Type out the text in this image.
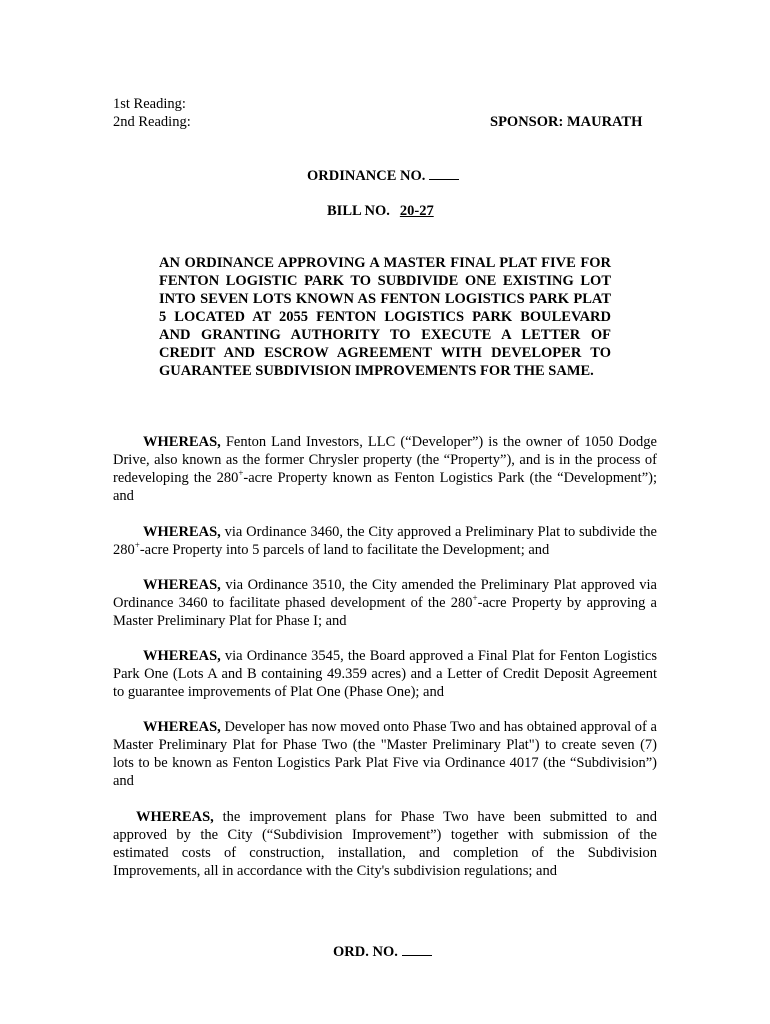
1st Reading:
2nd Reading:	SPONSOR: MAURATH
ORDINANCE NO.
BILL NO. 20-27
AN ORDINANCE APPROVING A MASTER FINAL PLAT FIVE FOR FENTON LOGISTIC PARK TO SUBDIVIDE ONE EXISTING LOT INTO SEVEN LOTS KNOWN AS FENTON LOGISTICS PARK PLAT 5 LOCATED AT 2055 FENTON LOGISTICS PARK BOULEVARD AND GRANTING AUTHORITY TO EXECUTE A LETTER OF CREDIT AND ESCROW AGREEMENT WITH DEVELOPER TO GUARANTEE SUBDIVISION IMPROVEMENTS FOR THE SAME.

WHEREAS, Fenton Land Investors, LLC (“Developer”) is the owner of 1050 Dodge Drive, also known as the former Chrysler property (the “Property”), and is in the process of redeveloping the 280+-acre Property known as Fenton Logistics Park (the “Development”); and

WHEREAS, via Ordinance 3460, the City approved a Preliminary Plat to subdivide the 280+-acre Property into 5 parcels of land to facilitate the Development; and

WHEREAS, via Ordinance 3510, the City amended the Preliminary Plat approved via Ordinance 3460 to facilitate phased development of the 280+-acre Property by approving a Master Preliminary Plat for Phase I; and

WHEREAS, via Ordinance 3545, the Board approved a Final Plat for Fenton Logistics Park One (Lots A and B containing 49.359 acres) and a Letter of Credit Deposit Agreement to guarantee improvements of Plat One (Phase One); and

WHEREAS, Developer has now moved onto Phase Two and has obtained approval of a Master Preliminary Plat for Phase Two (the "Master Preliminary Plat") to create seven (7) lots to be known as Fenton Logistics Park Plat Five via Ordinance 4017 (the “Subdivision”) and

WHEREAS, the improvement plans for Phase Two have been submitted to and approved by the City (“Subdivision Improvement”) together with submission of the estimated costs of construction, installation, and completion of the Subdivision Improvements, all in accordance with the City's subdivision regulations; and

ORD. NO.
